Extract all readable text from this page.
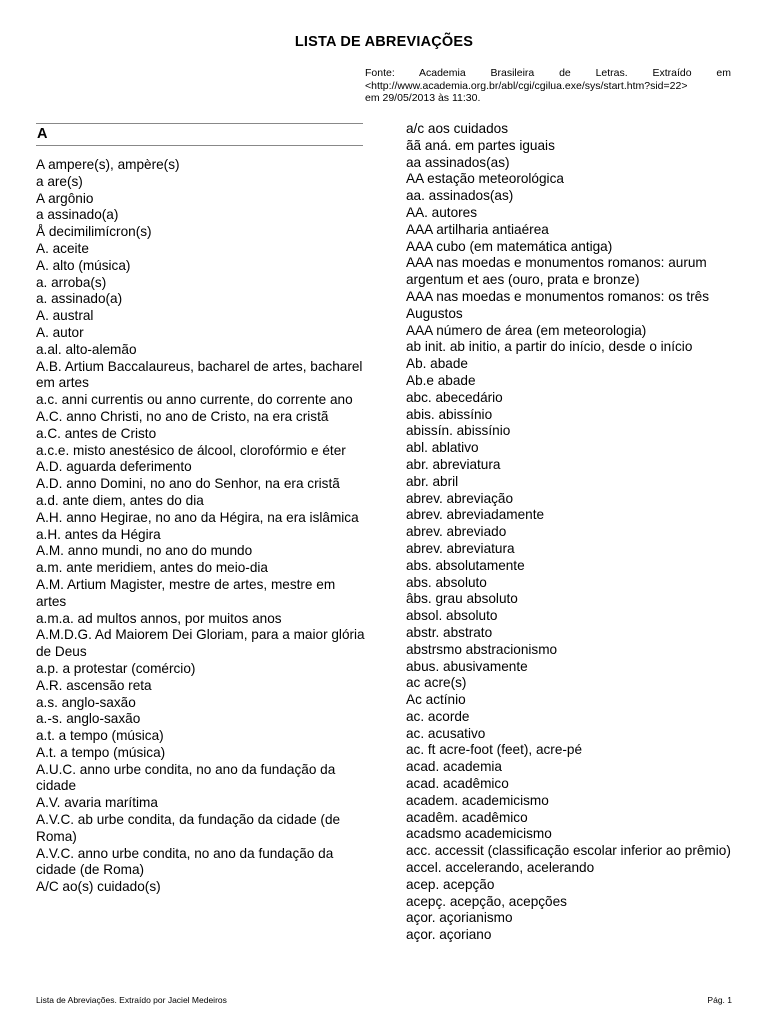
LISTA DE ABREVIAÇÕES
Fonte: Academia Brasileira de Letras. Extraído em
<http://www.academia.org.br/abl/cgi/cgilua.exe/sys/start.htm?sid=22>
em 29/05/2013 às 11:30.
A

A ampere(s), ampère(s)

a are(s)

A argônio

a assinado(a)

Å decimilimícron(s)

A. aceite

A. alto (música)

a. arroba(s)

a. assinado(a)

A. austral

A. autor

a.al. alto-alemão

A.B. Artium Baccalaureus, bacharel de artes, bacharel em artes

a.c. anni currentis ou anno currente, do corrente ano

A.C. anno Christi, no ano de Cristo, na era cristã

a.C. antes de Cristo

a.c.e. misto anestésico de álcool, clorofórmio e éter

A.D. aguarda deferimento

A.D. anno Domini, no ano do Senhor, na era cristã

a.d. ante diem, antes do dia

A.H. anno Hegirae, no ano da Hégira, na era islâmica

a.H. antes da Hégira

A.M. anno mundi, no ano do mundo

a.m. ante meridiem, antes do meio-dia

A.M. Artium Magister, mestre de artes, mestre em artes

a.m.a. ad multos annos, por muitos anos

A.M.D.G. Ad Maiorem Dei Gloriam, para a maior glória de Deus

a.p. a protestar (comércio)

A.R. ascensão reta

a.s. anglo-saxão

a.-s. anglo-saxão

a.t. a tempo (música)

A.t. a tempo (música)

A.U.C. anno urbe condita, no ano da fundação da cidade

A.V. avaria marítima

A.V.C. ab urbe condita, da fundação da cidade (de Roma)

A.V.C. anno urbe condita, no ano da fundação da cidade (de Roma)

A/C ao(s) cuidado(s)

a/c aos cuidados

ãã aná. em partes iguais

aa assinados(as)

AA estação meteorológica

aa. assinados(as)

AA. autores

AAA artilharia antiaérea

AAA cubo (em matemática antiga)

AAA nas moedas e monumentos romanos: aurum argentum et aes (ouro, prata e bronze)

AAA nas moedas e monumentos romanos: os três Augustos

AAA número de área (em meteorologia)

ab init. ab initio, a partir do início, desde o início

Ab. abade

Ab.e abade

abc. abecedário

abis. abissínio

abissín. abissínio

abl. ablativo

abr. abreviatura

abr. abril

abrev. abreviação

abrev. abreviadamente

abrev. abreviado

abrev. abreviatura

abs. absolutamente

abs. absoluto

âbs. grau absoluto

absol. absoluto

abstr. abstrato

abstrsmo abstracionismo

abus. abusivamente

ac acre(s)

Ac actínio

ac. acorde

ac. acusativo

ac. ft acre-foot (feet), acre-pé

acad. academia

acad. acadêmico

academ. academicismo

acadêm. acadêmico

acadsmo academicismo

acc. accessit (classificação escolar inferior ao prêmio)

accel. accelerando, acelerando

acep. acepção

acepç. acepção, acepções

açor. açorianismo

açor. açoriano

Lista de Abreviações. Extraído por Jaciel Medeiros	Pág. 1
